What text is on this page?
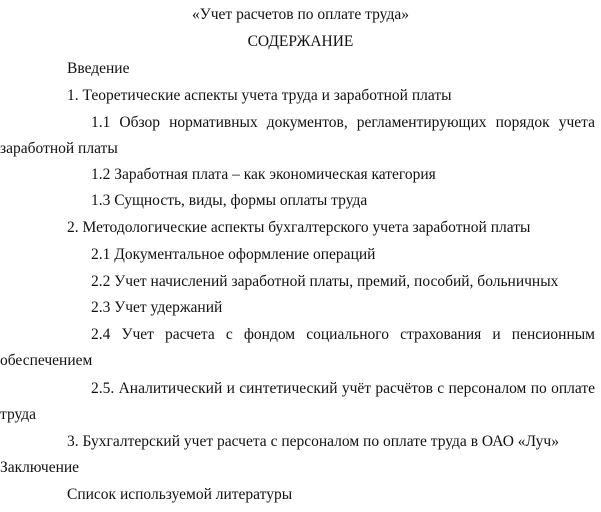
«Учет расчетов по оплате труда»
СОДЕРЖАНИЕ
Введение
1. Теоретические аспекты учета труда и заработной платы
1.1 Обзор нормативных документов, регламентирующих порядок учета
заработной платы
1.2 Заработная плата – как экономическая категория
1.3 Сущность, виды, формы оплаты труда
2. Методологические аспекты бухгалтерского учета заработной платы
2.1 Документальное оформление операций
2.2 Учет начислений заработной платы, премий, пособий, больничных
2.3 Учет удержаний
2.4 Учет расчета с фондом социального страхования и пенсионным
обеспечением
2.5. Аналитический и синтетический учёт расчётов с персоналом по оплате
труда
3. Бухгалтерский учет расчета с персоналом по оплате труда в ОАО «Луч»
Заключение
Список используемой литературы
